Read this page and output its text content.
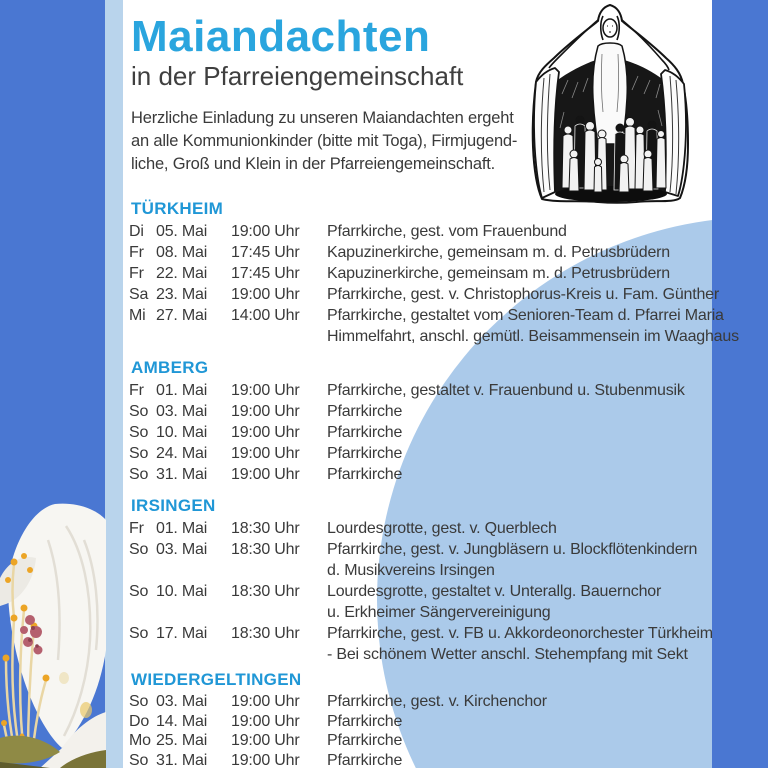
Maiandachten
in der Pfarreiengemeinschaft
Herzliche Einladung zu unseren Maiandachten ergeht
an alle Kommunionkinder (bitte mit Toga), Firmjugend-
liche, Groß und Klein in der Pfarreiengemeinschaft.
TÜRKHEIM
Di 05. Mai	19:00 Uhr	Pfarrkirche, gest. vom Frauenbund
Fr 08. Mai	17:45 Uhr	Kapuzinerkirche, gemeinsam m. d. Petrusbrüdern
Fr 22. Mai	17:45 Uhr	Kapuzinerkirche, gemeinsam m. d. Petrusbrüdern
Sa 23. Mai	19:00 Uhr	Pfarrkirche, gest. v. Christophorus-Kreis u. Fam. Günther
Mi 27. Mai	14:00 Uhr	Pfarrkirche, gestaltet vom Senioren-Team d. Pfarrei Maria
Himmelfahrt, anschl. gemütl. Beisammensein im Waaghaus
AMBERG
Fr 01. Mai	19:00 Uhr	Pfarrkirche, gestaltet v. Frauenbund u. Stubenmusik
So 03. Mai	19:00 Uhr	Pfarrkirche
So 10. Mai	19:00 Uhr	Pfarrkirche
So 24. Mai	19:00 Uhr	Pfarrkirche
So 31. Mai	19:00 Uhr	Pfarrkirche
IRSINGEN
Fr 01. Mai	18:30 Uhr	Lourdesgrotte, gest. v. Querblech
So 03. Mai	18:30 Uhr	Pfarrkirche, gest. v. Jungbläsern u. Blockflötenkindern
d. Musikvereins Irsingen
So 10. Mai	18:30 Uhr	Lourdesgrotte, gestaltet v. Unterallg. Bauernchor
u. Erkheimer Sängervereinigung
So 17. Mai	18:30 Uhr	Pfarrkirche, gest. v. FB u. Akkordeonorchester Türkheim
- Bei schönem Wetter anschl. Stehempfang mit Sekt
WIEDERGELTINGEN
So 03. Mai	19:00 Uhr	Pfarrkirche, gest. v. Kirchenchor
Do 14. Mai	19:00 Uhr	Pfarrkirche
Mo 25. Mai	19:00 Uhr	Pfarrkirche
So 31. Mai	19:00 Uhr	Pfarrkirche
